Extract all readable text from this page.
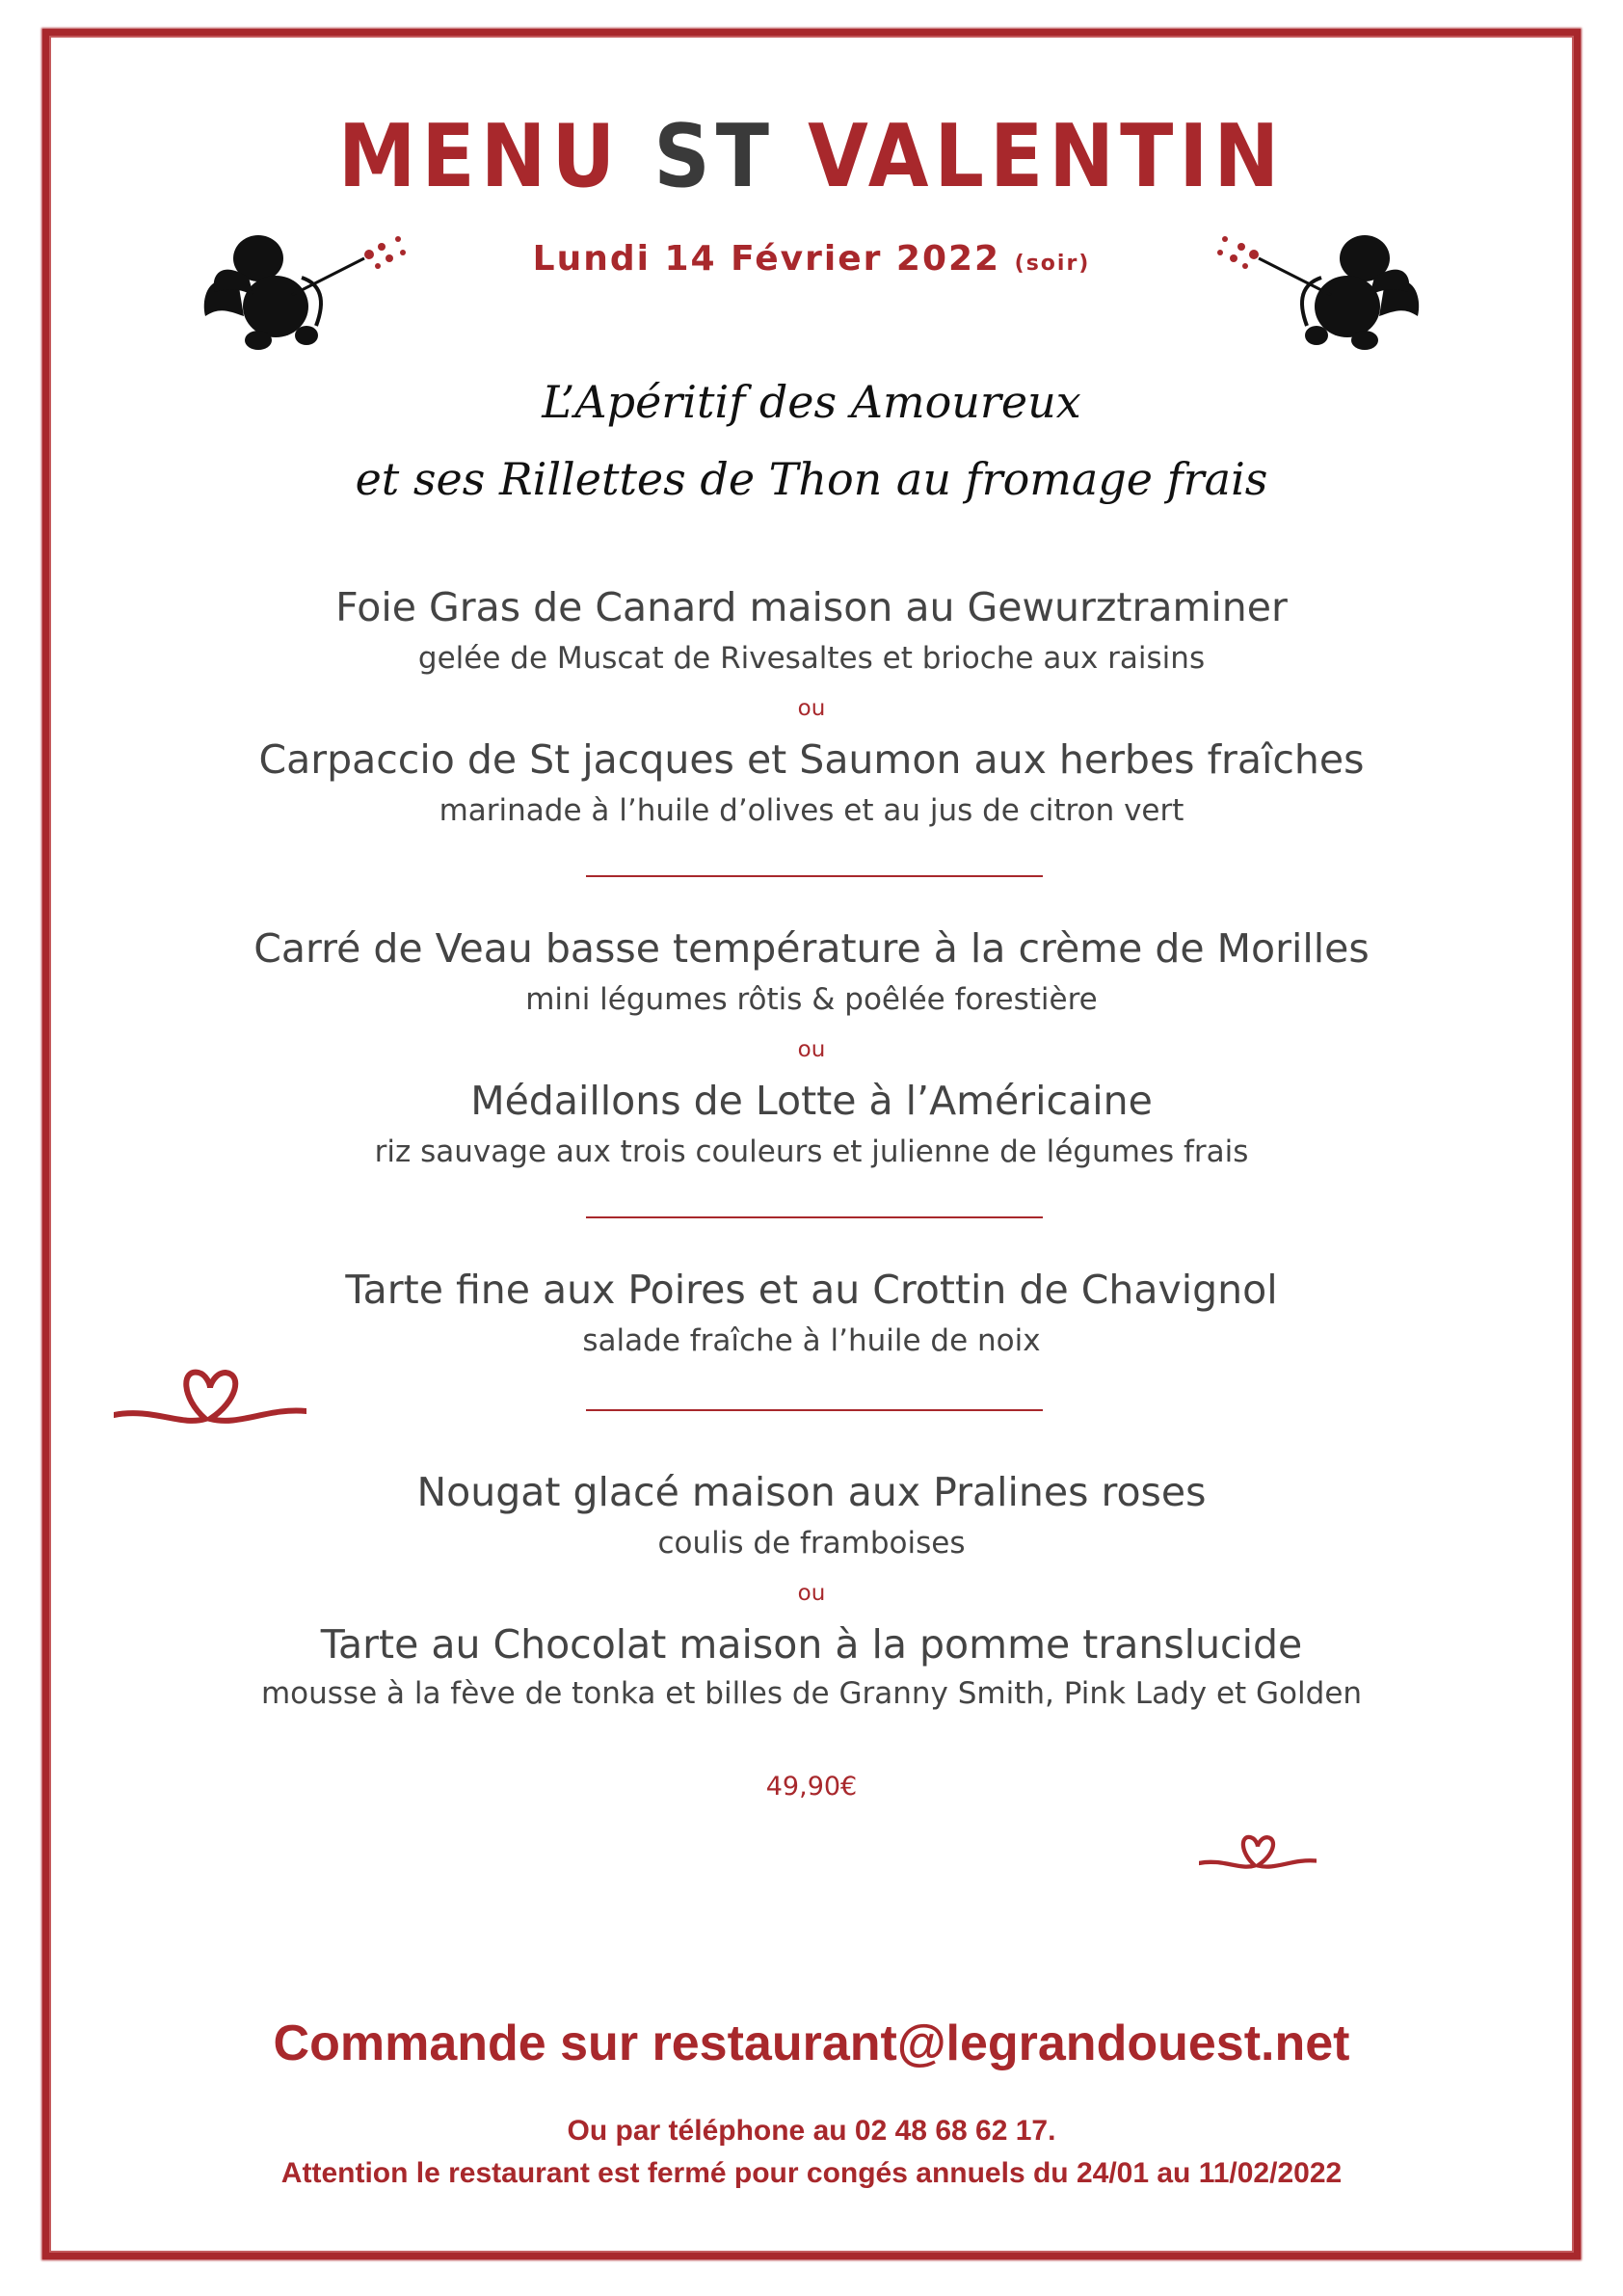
MENU ST VALENTIN
Lundi 14 Février 2022 (soir)
L’Apéritif des Amoureux
et ses Rillettes de Thon au fromage frais
Foie Gras de Canard maison au Gewurztraminer
gelée de Muscat de Rivesaltes et brioche aux raisins
ou
Carpaccio de St jacques et Saumon aux herbes fraîches
marinade à l’huile d’olives et au jus de citron vert
Carré de Veau basse température à la crème de Morilles
mini légumes rôtis & poêlée forestière
ou
Médaillons de Lotte à l’Américaine
riz sauvage aux trois couleurs et julienne de légumes frais
Tarte fine aux Poires et au Crottin de Chavignol
salade fraîche à l’huile de noix
Nougat glacé maison aux Pralines roses
coulis de framboises
ou
Tarte au Chocolat maison à la pomme translucide
mousse à la fève de tonka et billes de Granny Smith, Pink Lady et Golden
49,90€
Commande sur restaurant@legrandouest.net
Ou par téléphone au 02 48 68 62 17.
Attention le restaurant est fermé pour congés annuels du 24/01 au 11/02/2022
